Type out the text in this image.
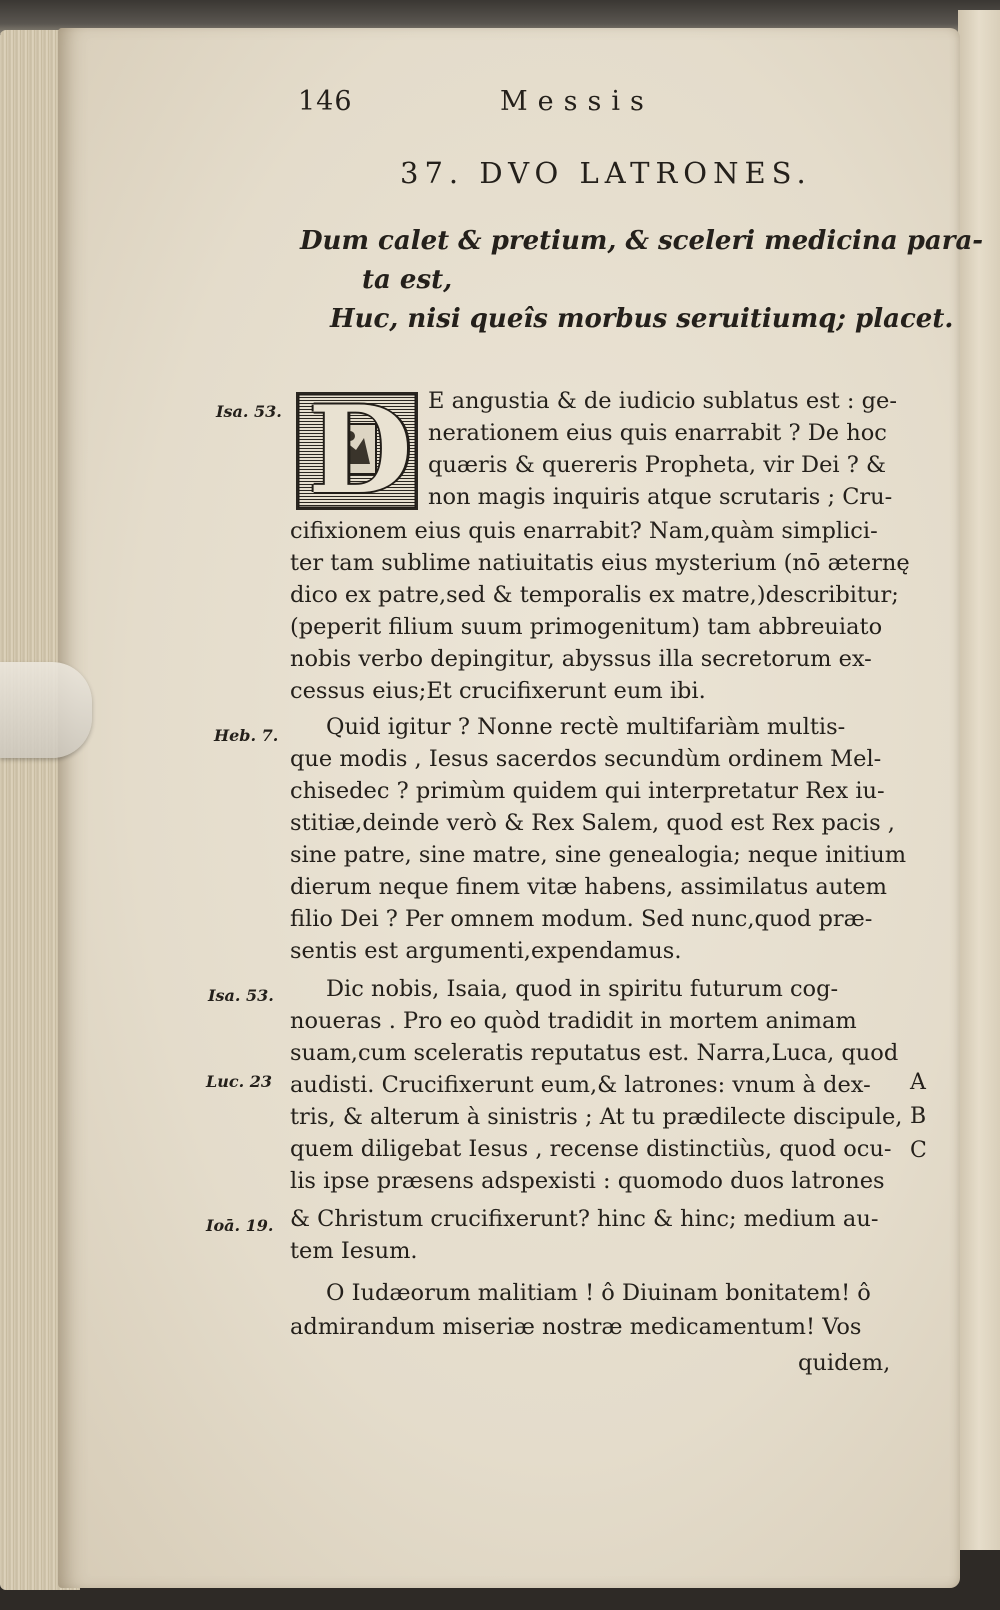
146	Messis
37. DVO LATRONES.
Dum calet & pretium, & sceleri medicina para-
ta est,
Huc, nisi queîs morbus seruitiumq; placet.
D
Isa. 53.
Heb. 7.
Isa. 53.
Luc. 23
Ioā. 19.
A
B
C
E angustia & de iudicio sublatus est : ge-
nerationem eius quis enarrabit ? De hoc
quæris & quereris Propheta, vir Dei ? &
non magis inquiris atque scrutaris ; Cru-
cifixionem eius quis enarrabit? Nam,quàm simplici-
ter tam sublime natiuitatis eius mysterium (nō æternę
dico ex patre,sed & temporalis ex matre,)describitur;
(peperit filium suum primogenitum) tam abbreuiato
nobis verbo depingitur, abyssus illa secretorum ex-
cessus eius;Et crucifixerunt eum ibi.
Quid igitur ? Nonne rectè multifariàm multis-
que modis , Iesus sacerdos secundùm ordinem Mel-
chisedec ? primùm quidem qui interpretatur Rex iu-
stitiæ,deinde verò & Rex Salem, quod est Rex pacis ,
sine patre, sine matre, sine genealogia; neque initium
dierum neque finem vitæ habens, assimilatus autem
filio Dei ? Per omnem modum. Sed nunc,quod præ-
sentis est argumenti,expendamus.
Dic nobis, Isaia, quod in spiritu futurum cog-
noueras . Pro eo quòd tradidit in mortem animam
suam,cum sceleratis reputatus est. Narra,Luca, quod
audisti. Crucifixerunt eum,& latrones: vnum à dex-
tris, & alterum à sinistris ; At tu prædilecte discipule,
quem diligebat Iesus , recense distinctiùs, quod ocu-
lis ipse præsens adspexisti : quomodo duos latrones
& Christum crucifixerunt? hinc & hinc; medium au-
tem Iesum.
O Iudæorum malitiam ! ô Diuinam bonitatem! ô
admirandum miseriæ nostræ medicamentum! Vos
quidem,
